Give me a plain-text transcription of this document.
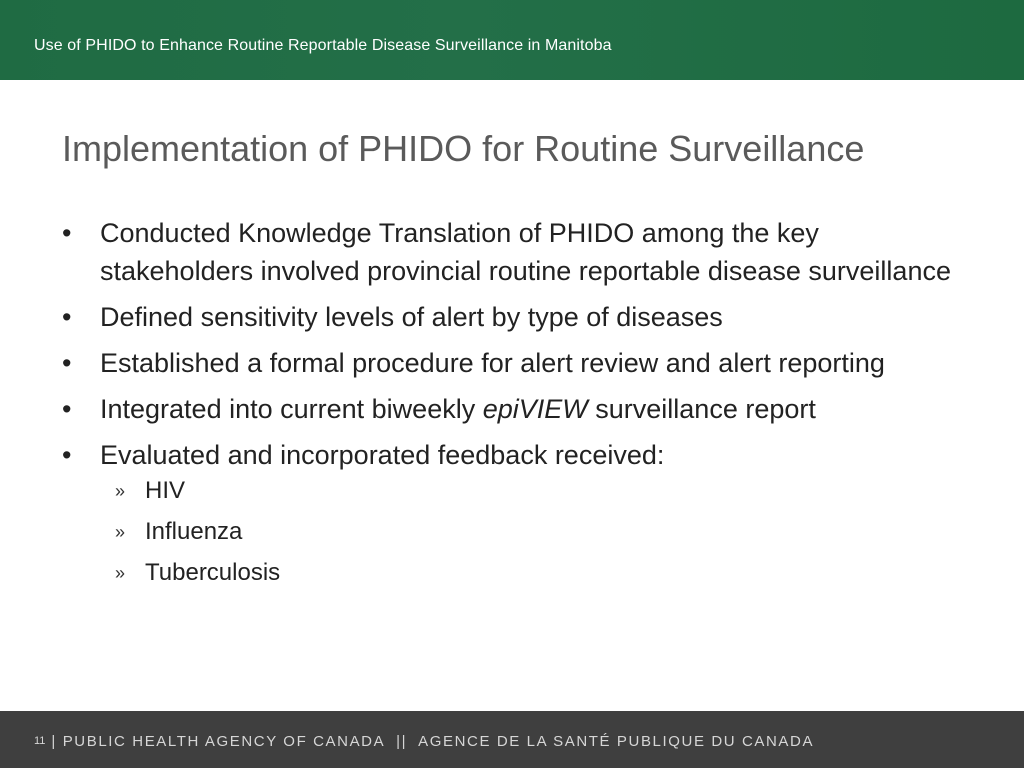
Use of PHIDO to Enhance Routine Reportable Disease Surveillance in Manitoba
Implementation of PHIDO for Routine Surveillance
•	Conducted Knowledge Translation of PHIDO among the key stakeholders involved provincial routine reportable disease surveillance
•	Defined sensitivity levels of alert by type of diseases
•	Established a formal procedure for alert review and alert reporting
•	Integrated into current biweekly epiVIEW surveillance report
•	Evaluated and incorporated feedback received:
» HIV
» Influenza
» Tuberculosis
11 | PUBLIC HEALTH AGENCY OF CANADA || AGENCE DE LA SANTÉ PUBLIQUE DU CANADA
